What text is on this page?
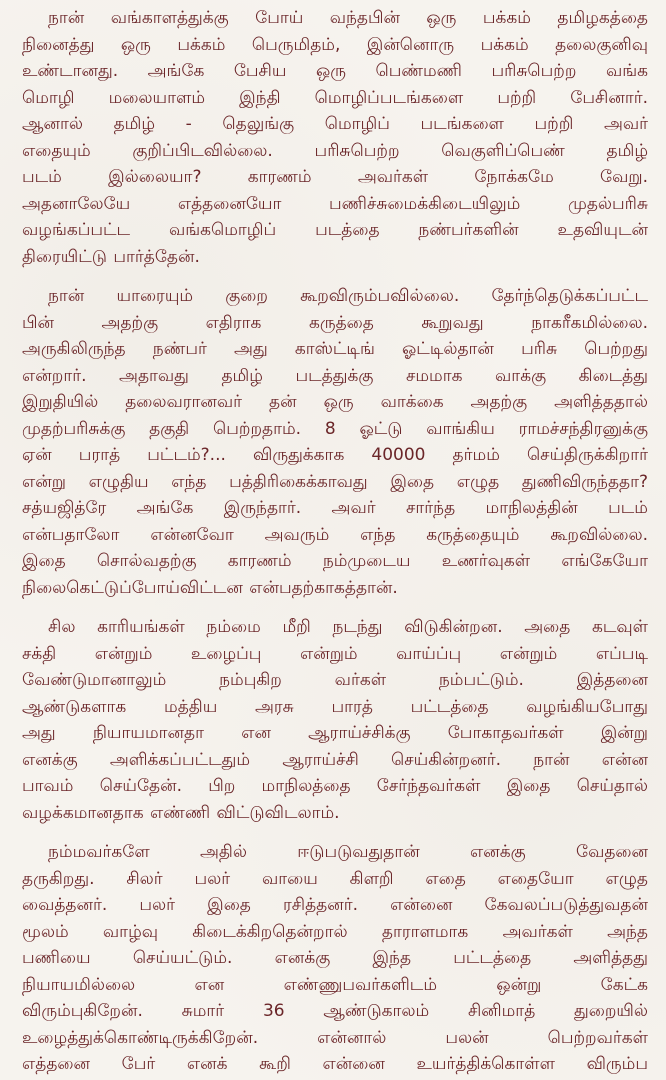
நான் வங்காளத்துக்கு போய் வந்தபின் ஒரு பக்கம் தமிழகத்தை
நினைத்து ஒரு பக்கம் பெருமிதம், இன்னொரு பக்கம் தலைகுனிவு
உண்டானது. அங்கே பேசிய ஒரு பெண்மணி பரிசுபெற்ற வங்க
மொழி மலையாளம் இந்தி மொழிப்படங்களை பற்றி பேசினார்.
ஆனால் தமிழ் - தெலுங்கு மொழிப் படங்களை பற்றி அவர்
எதையும் குறிப்பிடவில்லை. பரிசுபெற்ற வெகுளிப்பெண் தமிழ்
படம் இல்லையா? காரணம் அவர்கள் நோக்கமே வேறு.
அதனாலேயே எத்தனையோ பணிச்சுமைக்கிடையிலும் முதல்பரிசு
வழங்கப்பட்ட வங்கமொழிப் படத்தை நண்பர்களின் உதவியுடன்
திரையிட்டு பார்த்தேன்.
நான் யாரையும் குறை கூறவிரும்பவில்லை. தேர்ந்தெடுக்கப்பட்ட
பின் அதற்கு எதிராக கருத்தை கூறுவது நாகரீகமில்லை.
அருகிலிருந்த நண்பர் அது காஸ்ட்டிங் ஓட்டில்தான் பரிசு பெற்றது
என்றார். அதாவது தமிழ் படத்துக்கு சமமாக வாக்கு கிடைத்து
இறுதியில் தலைவரானவர் தன் ஒரு வாக்கை அதற்கு அளித்ததால்
முதற்பரிசுக்கு தகுதி பெற்றதாம். 8 ஓட்டு வாங்கிய ராமச்சந்திரனுக்கு
ஏன் பராத் பட்டம்?... விருதுக்காக 40000 தர்மம் செய்திருக்கிறார்
என்று எழுதிய எந்த பத்திரிகைக்காவது இதை எழுத துணிவிருந்ததா?
சத்யஜித்ரே அங்கே இருந்தார். அவர் சார்ந்த மாநிலத்தின் படம்
என்பதாலோ என்னவோ அவரும் எந்த கருத்தையும் கூறவில்லை.
இதை சொல்வதற்கு காரணம் நம்முடைய உணர்வுகள் எங்கேயோ
நிலைகெட்டுப்போய்விட்டன என்பதற்காகத்தான்.
சில காரியங்கள் நம்மை மீறி நடந்து விடுகின்றன. அதை கடவுள்
சக்தி என்றும் உழைப்பு என்றும் வாய்ப்பு என்றும் எப்படி
வேண்டுமானாலும் நம்புகிற வர்கள் நம்பட்டும். இத்தனை
ஆண்டுகளாக மத்திய அரசு பாரத் பட்டத்தை வழங்கியபோது
அது நியாயமானதா என ஆராய்ச்சிக்கு போகாதவர்கள் இன்று
எனக்கு அளிக்கப்பட்டதும் ஆராய்ச்சி செய்கின்றனர். நான் என்ன
பாவம் செய்தேன். பிற மாநிலத்தை சேர்ந்தவர்கள் இதை செய்தால்
வழக்கமானதாக எண்ணி விட்டுவிடலாம்.
நம்மவர்களே அதில் ஈடுபடுவதுதான் எனக்கு வேதனை
தருகிறது. சிலர் பலர் வாயை கிளறி எதை எதையோ எழுத
வைத்தனர். பலர் இதை ரசித்தனர். என்னை கேவலப்படுத்துவதன்
மூலம் வாழ்வு கிடைக்கிறதென்றால் தாராளமாக அவர்கள் அந்த
பணியை செய்யட்டும். எனக்கு இந்த பட்டத்தை அளித்தது
நியாயமில்லை என எண்ணுபவர்களிடம் ஒன்று கேட்க
விரும்புகிறேன். சுமார் 36 ஆண்டுகாலம் சினிமாத் துறையில்
உழைத்துக்கொண்டிருக்கிறேன். என்னால் பலன் பெற்றவர்கள்
எத்தனை பேர் எனக் கூறி என்னை உயர்த்திக்கொள்ள விரும்ப
